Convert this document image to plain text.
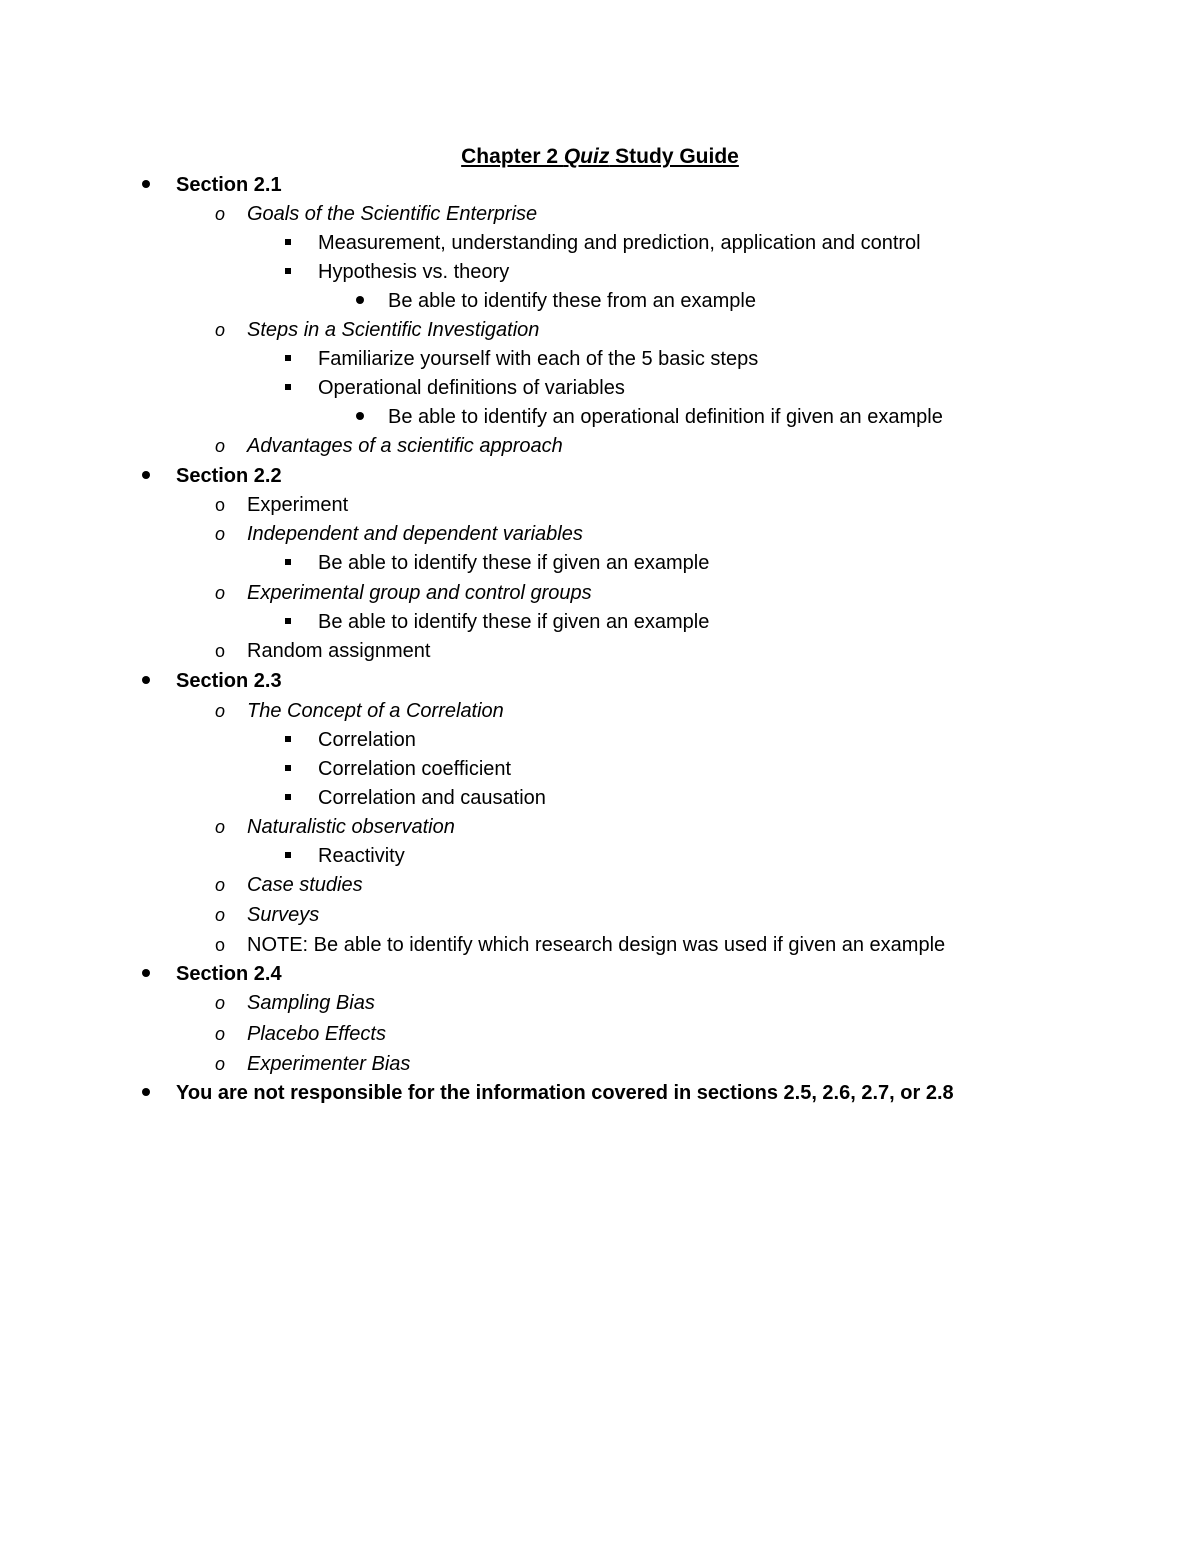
Chapter 2 Quiz Study Guide
Section 2.1
o	Goals of the Scientific Enterprise
Measurement, understanding and prediction, application and control
Hypothesis vs. theory
Be able to identify these from an example
o	Steps in a Scientific Investigation
Familiarize yourself with each of the 5 basic steps
Operational definitions of variables
Be able to identify an operational definition if given an example
o	Advantages of a scientific approach
Section 2.2
o	Experiment
o	Independent and dependent variables
Be able to identify these if given an example
o	Experimental group and control groups
Be able to identify these if given an example
o	Random assignment
Section 2.3
o	The Concept of a Correlation
Correlation
Correlation coefficient
Correlation and causation
o	Naturalistic observation
Reactivity
o	Case studies
o	Surveys
o	NOTE: Be able to identify which research design was used if given an example
Section 2.4
o	Sampling Bias
o	Placebo Effects
o	Experimenter Bias
You are not responsible for the information covered in sections 2.5, 2.6, 2.7, or 2.8
